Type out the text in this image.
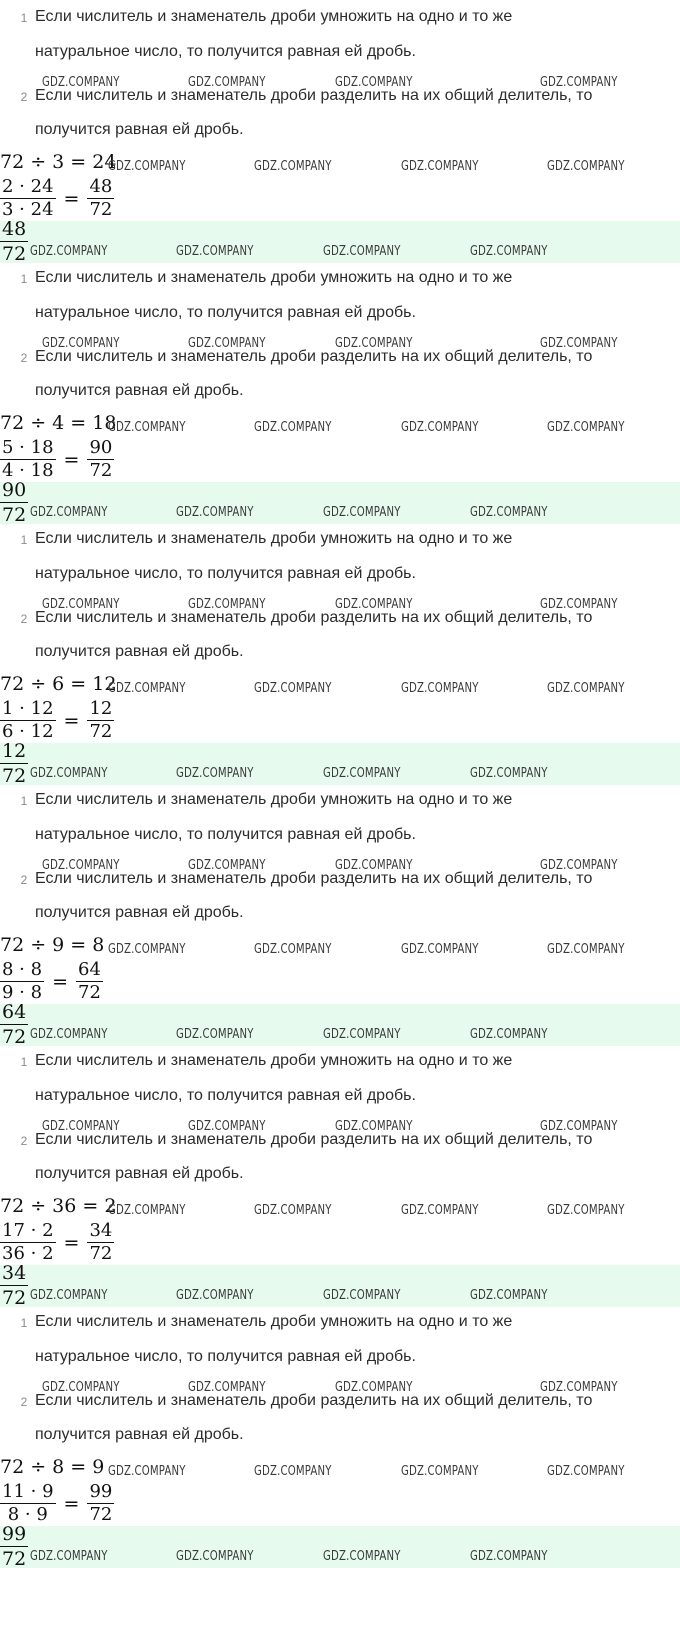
1 Если числитель и знаменатель дроби умножить на одно и то же
натуральное число, то получится равная ей дробь.
2 Если числитель и знаменатель дроби разделить на их общий делитель, то
получится равная ей дробь.
72 ÷ 3 = 24
$\frac{2 \cdot 24}{3 \cdot 24} = \frac{48}{72}$
48
72
GDZ.COMPANY	GDZ.COMPANY	GDZ.COMPANY	GDZ.COMPANY
GDZ.COMPANY	GDZ.COMPANY	GDZ.COMPANY	GDZ.COMPANY
GDZ.COMPANY	GDZ.COMPANY	GDZ.COMPANY	GDZ.COMPANY
1 Если числитель и знаменатель дроби умножить на одно и то же
натуральное число, то получится равная ей дробь.
2 Если числитель и знаменатель дроби разделить на их общий делитель, то
получится равная ей дробь.
72 ÷ 4 = 18
$\frac{5 \cdot 18}{4 \cdot 18} = \frac{90}{72}$
90
72
GDZ.COMPANY	GDZ.COMPANY	GDZ.COMPANY	GDZ.COMPANY
GDZ.COMPANY	GDZ.COMPANY	GDZ.COMPANY	GDZ.COMPANY
GDZ.COMPANY	GDZ.COMPANY	GDZ.COMPANY	GDZ.COMPANY
1 Если числитель и знаменатель дроби умножить на одно и то же
натуральное число, то получится равная ей дробь.
2 Если числитель и знаменатель дроби разделить на их общий делитель, то
получится равная ей дробь.
72 ÷ 6 = 12
$\frac{1 \cdot 12}{6 \cdot 12} = \frac{12}{72}$
12
72
GDZ.COMPANY	GDZ.COMPANY	GDZ.COMPANY	GDZ.COMPANY
GDZ.COMPANY	GDZ.COMPANY	GDZ.COMPANY	GDZ.COMPANY
GDZ.COMPANY	GDZ.COMPANY	GDZ.COMPANY	GDZ.COMPANY
1 Если числитель и знаменатель дроби умножить на одно и то же
натуральное число, то получится равная ей дробь.
2 Если числитель и знаменатель дроби разделить на их общий делитель, то
получится равная ей дробь.
72 ÷ 9 = 8
$\frac{8 \cdot 8}{9 \cdot 8} = \frac{64}{72}$
64
72
GDZ.COMPANY	GDZ.COMPANY	GDZ.COMPANY	GDZ.COMPANY
GDZ.COMPANY	GDZ.COMPANY	GDZ.COMPANY	GDZ.COMPANY
GDZ.COMPANY	GDZ.COMPANY	GDZ.COMPANY	GDZ.COMPANY
1 Если числитель и знаменатель дроби умножить на одно и то же
натуральное число, то получится равная ей дробь.
2 Если числитель и знаменатель дроби разделить на их общий делитель, то
получится равная ей дробь.
72 ÷ 36 = 2
$\frac{17 \cdot 2}{36 \cdot 2} = \frac{34}{72}$
34
72
GDZ.COMPANY	GDZ.COMPANY	GDZ.COMPANY	GDZ.COMPANY
GDZ.COMPANY	GDZ.COMPANY	GDZ.COMPANY	GDZ.COMPANY
GDZ.COMPANY	GDZ.COMPANY	GDZ.COMPANY	GDZ.COMPANY
1 Если числитель и знаменатель дроби умножить на одно и то же
натуральное число, то получится равная ей дробь.
2 Если числитель и знаменатель дроби разделить на их общий делитель, то
получится равная ей дробь.
72 ÷ 8 = 9
$\frac{11 \cdot 9}{8 \cdot 9} = \frac{99}{72}$
99
72
GDZ.COMPANY	GDZ.COMPANY	GDZ.COMPANY	GDZ.COMPANY
GDZ.COMPANY	GDZ.COMPANY	GDZ.COMPANY	GDZ.COMPANY
GDZ.COMPANY	GDZ.COMPANY	GDZ.COMPANY	GDZ.COMPANY
